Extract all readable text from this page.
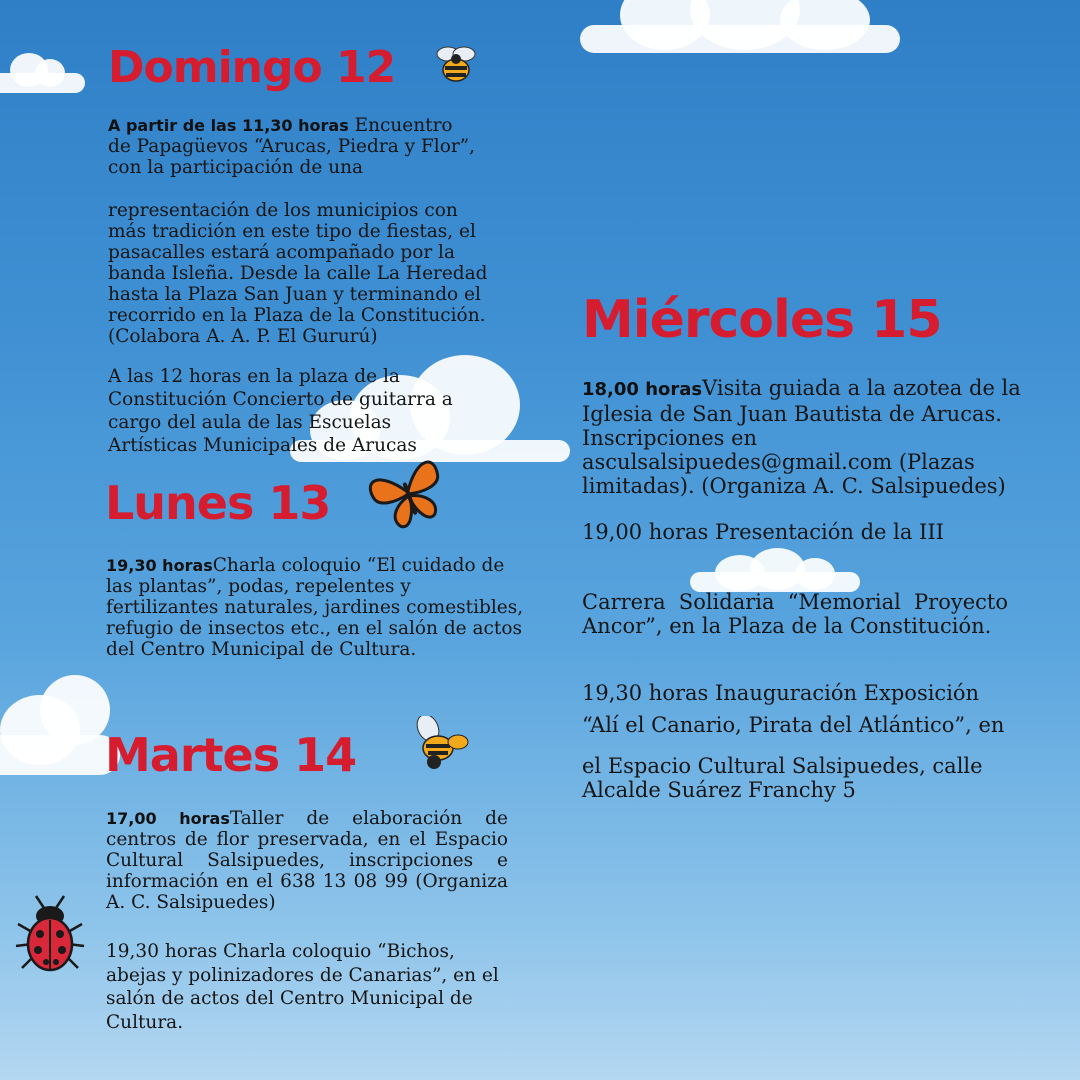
Domingo 12

A partir de las 11,30 horas Encuentro de Papagüevos “Arucas, Piedra y Flor”, con la participación de una

representación de los municipios con más tradición en este tipo de fiestas, el pasacalles estará acompañado por la banda Isleña. Desde la calle La Heredad hasta la Plaza San Juan y terminando el recorrido en la Plaza de la Constitución. (Colabora A. A. P. El Gururú)

A las 12 horas en la plaza de la Constitución Concierto de guitarra a cargo del aula de las Escuelas Artísticas Municipales de Arucas

Lunes 13

19,30 horasCharla coloquio “El cuidado de las plantas”, podas, repelentes y fertilizantes naturales, jardines comestibles, refugio de insectos etc., en el salón de actos del Centro Municipal de Cultura.

Martes 14

17,00 horasTaller de elaboración de centros de flor preservada, en el Espacio Cultural Salsipuedes, inscripciones e información en el 638 13 08 99 (Organiza A. C. Salsipuedes)

19,30 horas Charla coloquio “Bichos, abejas y polinizadores de Canarias”, en el salón de actos del Centro Municipal de Cultura.

Miércoles 15

18,00 horasVisita guiada a la azotea de la Iglesia de San Juan Bautista de Arucas. Inscripciones en asculsalsipuedes@gmail.com (Plazas limitadas). (Organiza A. C. Salsipuedes)

19,00 horas Presentación de la III

Carrera Solidaria “Memorial Proyecto Ancor”, en la Plaza de la Constitución.

19,30 horas Inauguración Exposición

“Alí el Canario, Pirata del Atlántico”, en

el Espacio Cultural Salsipuedes, calle Alcalde Suárez Franchy 5
